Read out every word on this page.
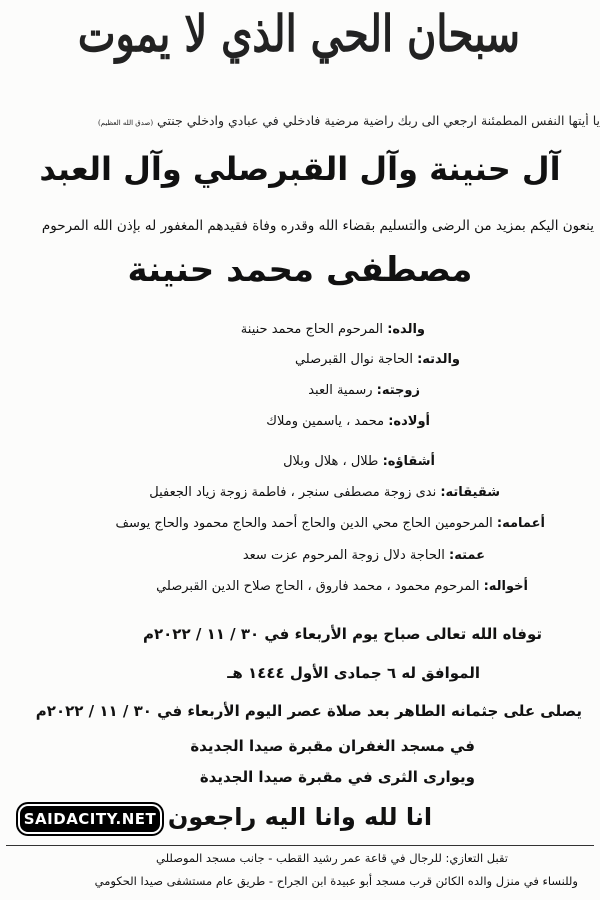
سبحان الحي الذي لا يموت
يا أيتها النفس المطمئنة ارجعي الى ربك راضية مرضية فادخلي في عبادي وادخلي جنتي (صدق الله العظيم)
آل حنينة وآل القبرصلي وآل العبد
ينعون اليكم بمزيد من الرضى والتسليم بقضاء الله وقدره وفاة فقيدهم المغفور له بإذن الله المرحوم
مصطفى محمد حنينة
والده: المرحوم الحاج محمد حنينة
والدته: الحاجة نوال القبرصلي
زوجته: رسمية العبد
أولاده: محمد ، ياسمين وملاك
أشقاؤه: طلال ، هلال وبلال
شقيقاته: ندى زوجة مصطفى سنجر ، فاطمة زوجة زياد الجعفيل
أعمامه: المرحومين الحاج محي الدين والحاج أحمد والحاج محمود والحاج يوسف
عمته: الحاجة دلال زوجة المرحوم عزت سعد
أخواله: المرحوم محمود ، محمد فاروق ، الحاج صلاح الدين القبرصلي
توفاه الله تعالى صباح يوم الأربعاء في ٣٠ / ١١ / ٢٠٢٢م
الموافق له ٦ جمادى الأول ١٤٤٤ هـ
يصلى على جثمانه الطاهر بعد صلاة عصر اليوم الأربعاء في ٣٠ / ١١ / ٢٠٢٢م
في مسجد الغفران مقبرة صيدا الجديدة
ويوارى الثرى في مقبرة صيدا الجديدة
SAIDACITY.NET انا لله وانا اليه راجعون
تقبل التعازي: للرجال في قاعة عمر رشيد القطب - جانب مسجد الموصللي
وللنساء في منزل والده الكائن قرب مسجد أبو عبيدة ابن الجراح - طريق عام مستشفى صيدا الحكومي
